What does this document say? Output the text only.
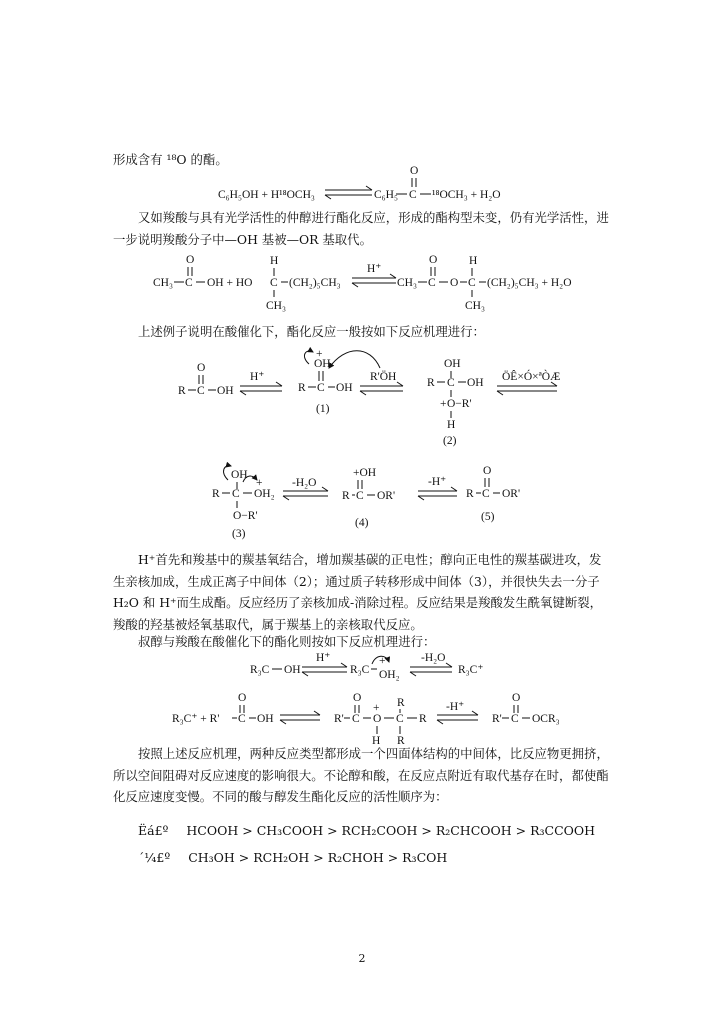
形成含有 ¹⁸O 的酯。

又如羧酸与具有光学活性的仲醇进行酯化反应，形成的酯构型未变，仍有光学活性，进一步说明羧酸分子中—OH 基被—OR 基取代。

上述例子说明在酸催化下，酯化反应一般按如下反应机理进行：

H⁺首先和羧基中的羰基氧结合，增加羰基碳的正电性；醇向正电性的羰基碳进攻，发生亲核加成，生成正离子中间体（2）；通过质子转移形成中间体（3），并很快失去一分子 H₂O 和 H⁺而生成酯。反应经历了亲核加成-消除过程。反应结果是羧酸发生酰氧键断裂，羧酸的羟基被烃氧基取代，属于羰基上的亲核取代反应。

叔醇与羧酸在酸催化下的酯化则按如下反应机理进行：

按照上述反应机理，两种反应类型都形成一个四面体结构的中间体，比反应物更拥挤，所以空间阻碍对反应速度的影响很大。不论醇和酸，在反应点附近有取代基存在时，都使酯化反应速度变慢。不同的酸与醇发生酯化反应的活性顺序为：

Ëá£º HCOOH > CH₃COOH > RCH₂COOH > R₂CHCOOH > R₃CCOOH
´¼£º CH₃OH > RCH₂OH > R₂CHOH > R₃COH
2
C₆H₅OH + H¹⁸OCH₃	C₆H₅ C
O
¹⁸OCH₃ + H₂O
CH₃ C
O
OH + HO C
H
CH₃
(CH₂)₅CH₃
H⁺
CH₃ C
O
O C
H
CH₃
(CH₂)₅CH₃ + H₂O
R C
O
OH
H⁺
R C
OH
+
OH
(1)
R'ÖH
OH
R C OH
+ O−R'
H
(2)
ÖÊ×Ó×ªÒÆ
OH
R C
+
OH₂
O−R'
(3)
-H₂O
+OH
R C OR'
(4)
-H⁺
O
R C OR'
(5)
R₃C OH
H⁺
R₃C
+
OH₂
-H₂O
R₃C⁺
R₃C⁺ + R' C
O
OH	R' C
O
+
O
H
C
R
R
R
-H⁺
R' C
O
OCR₃
